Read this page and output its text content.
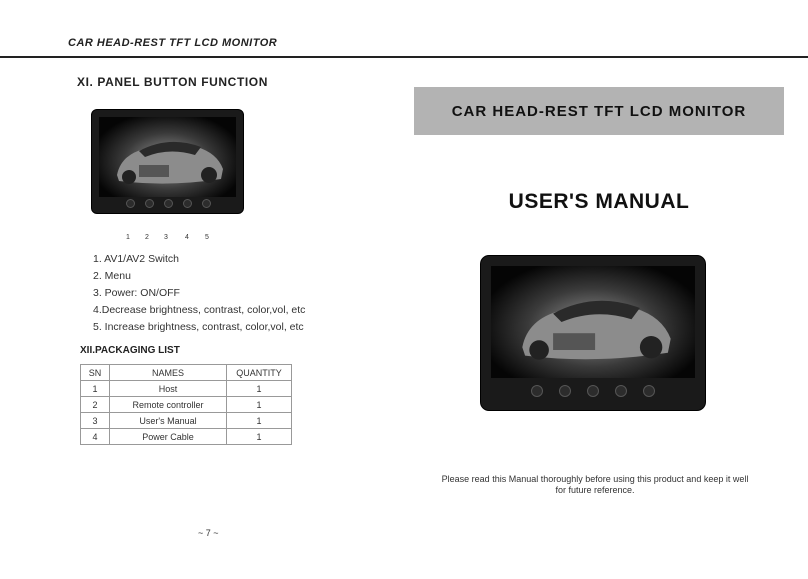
CAR HEAD-REST TFT LCD MONITOR
XI. PANEL BUTTON FUNCTION
1 2 3 4 5
1. AV1/AV2 Switch
2. Menu
3. Power: ON/OFF
4.Decrease brightness, contrast, color,vol, etc
5. Increase brightness, contrast, color,vol, etc
XII.PACKAGING LIST
SN	NAMES	QUANTITY
1	Host	1
2	Remote controller	1
3	User's Manual	1
4	Power Cable	1
~ 7 ~
CAR HEAD-REST TFT LCD MONITOR
USER'S MANUAL
Please read this Manual thoroughly before using this product and keep it well for future reference.
